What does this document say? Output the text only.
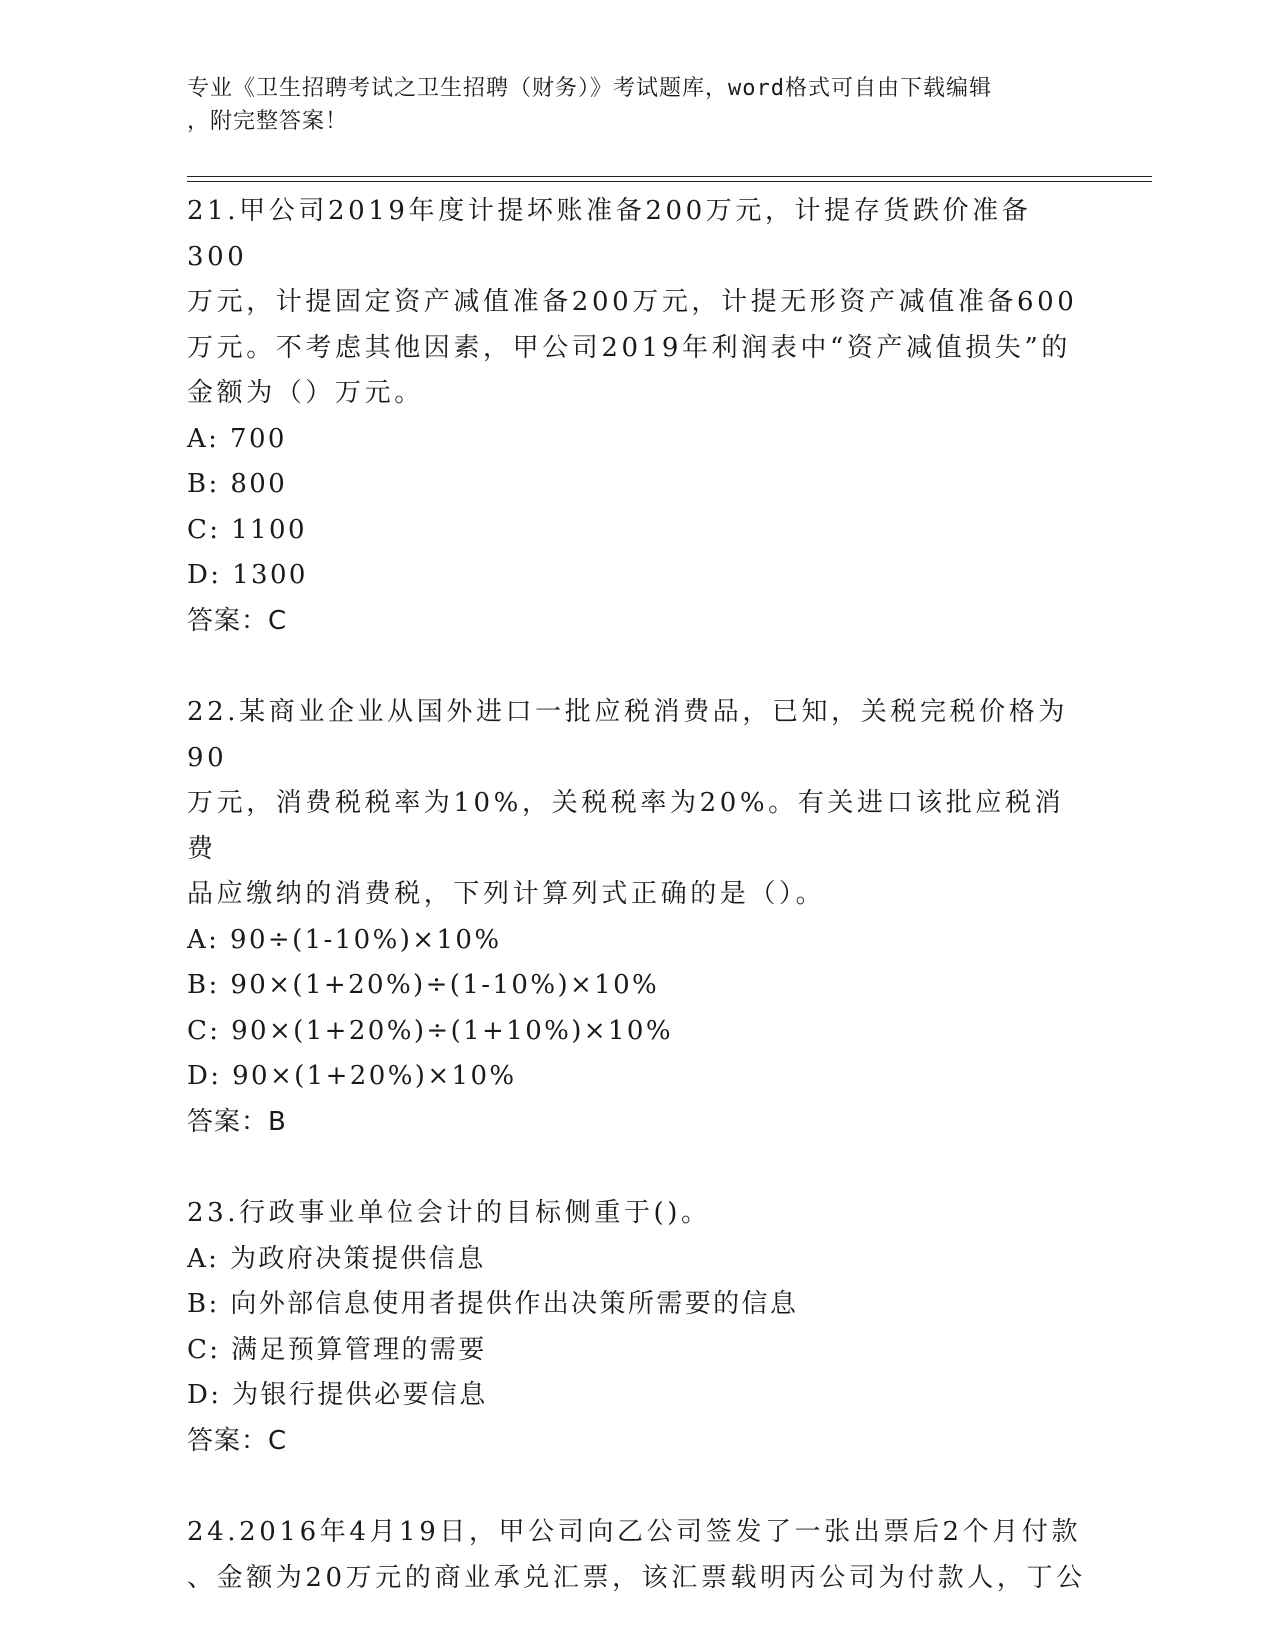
专业《卫生招聘考试之卫生招聘（财务）》考试题库，word格式可自由下载编辑
，附完整答案！

21.甲公司2019年度计提坏账准备200万元，计提存货跌价准备300

万元，计提固定资产减值准备200万元，计提无形资产减值准备600

万元。不考虑其他因素，甲公司2019年利润表中“资产减值损失”的

金额为（）万元。

A: 700

B: 800

C: 1100

D: 1300

答案：C

22.某商业企业从国外进口一批应税消费品，已知，关税完税价格为90

万元，消费税税率为10%，关税税率为20%。有关进口该批应税消费

品应缴纳的消费税，下列计算列式正确的是（）。

A: 90÷(1-10%)×10%

B: 90×(1+20%)÷(1-10%)×10%

C: 90×(1+20%)÷(1+10%)×10%

D: 90×(1+20%)×10%

答案：B

23.行政事业单位会计的目标侧重于()。

A: 为政府决策提供信息

B: 向外部信息使用者提供作出决策所需要的信息

C: 满足预算管理的需要

D: 为银行提供必要信息

答案：C

24.2016年4月19日，甲公司向乙公司签发了一张出票后2个月付款

、金额为20万元的商业承兑汇票，该汇票载明丙公司为付款人，丁公
